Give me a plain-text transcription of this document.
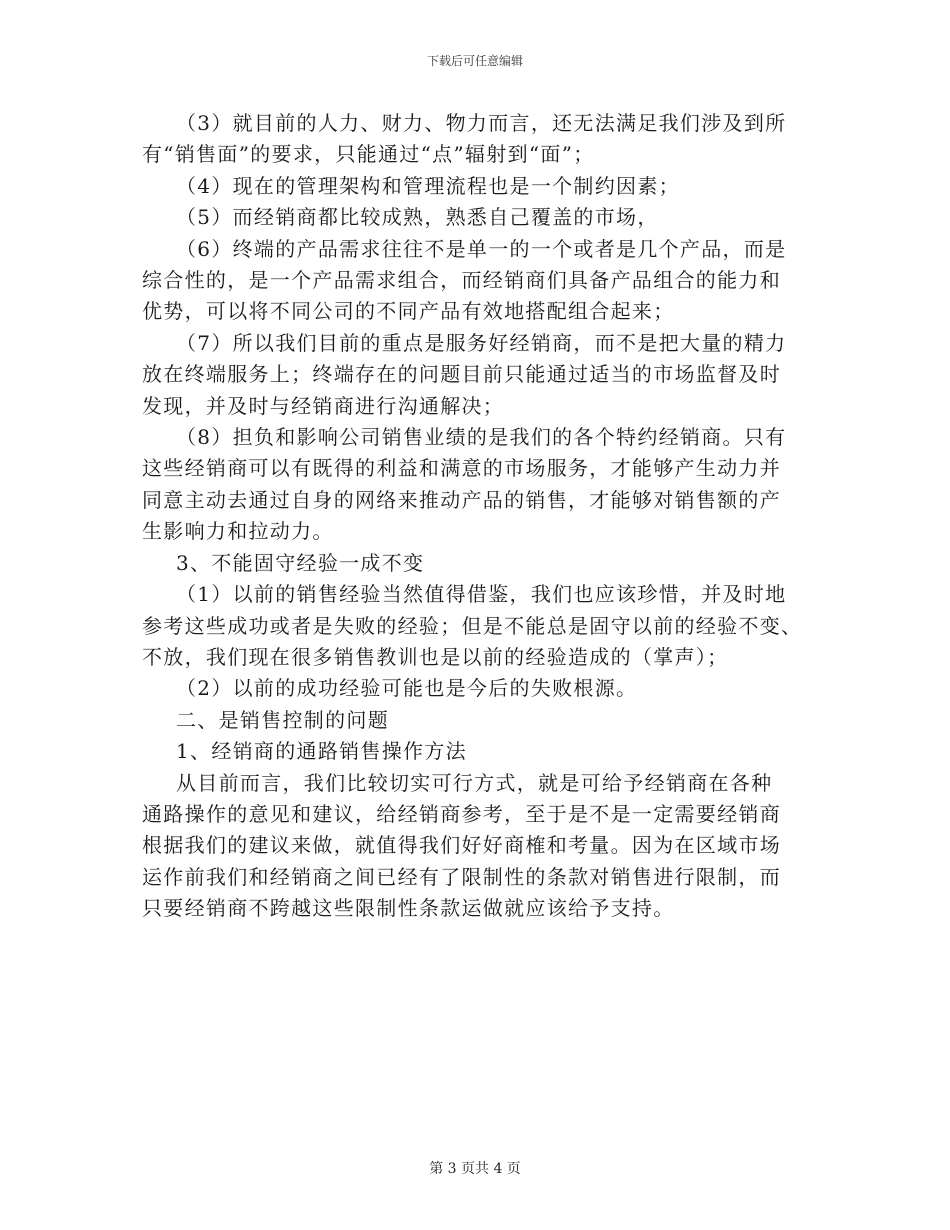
下载后可任意编辑
（3）就目前的人力、财力、物力而言，还无法满足我们涉及到所
有“销售面”的要求，只能通过“点”辐射到“面”；
（4）现在的管理架构和管理流程也是一个制约因素；
（5）而经销商都比较成熟，熟悉自己覆盖的市场，
（6）终端的产品需求往往不是单一的一个或者是几个产品，而是
综合性的，是一个产品需求组合，而经销商们具备产品组合的能力和
优势，可以将不同公司的不同产品有效地搭配组合起来；
（7）所以我们目前的重点是服务好经销商，而不是把大量的精力
放在终端服务上；终端存在的问题目前只能通过适当的市场监督及时
发现，并及时与经销商进行沟通解决；
（8）担负和影响公司销售业绩的是我们的各个特约经销商。只有
这些经销商可以有既得的利益和满意的市场服务，才能够产生动力并
同意主动去通过自身的网络来推动产品的销售，才能够对销售额的产
生影响力和拉动力。
3、不能固守经验一成不变
（1）以前的销售经验当然值得借鉴，我们也应该珍惜，并及时地
参考这些成功或者是失败的经验；但是不能总是固守以前的经验不变、
不放，我们现在很多销售教训也是以前的经验造成的（掌声）；
（2）以前的成功经验可能也是今后的失败根源。
二、是销售控制的问题
1、经销商的通路销售操作方法
从目前而言，我们比较切实可行方式，就是可给予经销商在各种
通路操作的意见和建议，给经销商参考，至于是不是一定需要经销商
根据我们的建议来做，就值得我们好好商榷和考量。因为在区域市场
运作前我们和经销商之间已经有了限制性的条款对销售进行限制，而
只要经销商不跨越这些限制性条款运做就应该给予支持。
第 3 页共 4 页
